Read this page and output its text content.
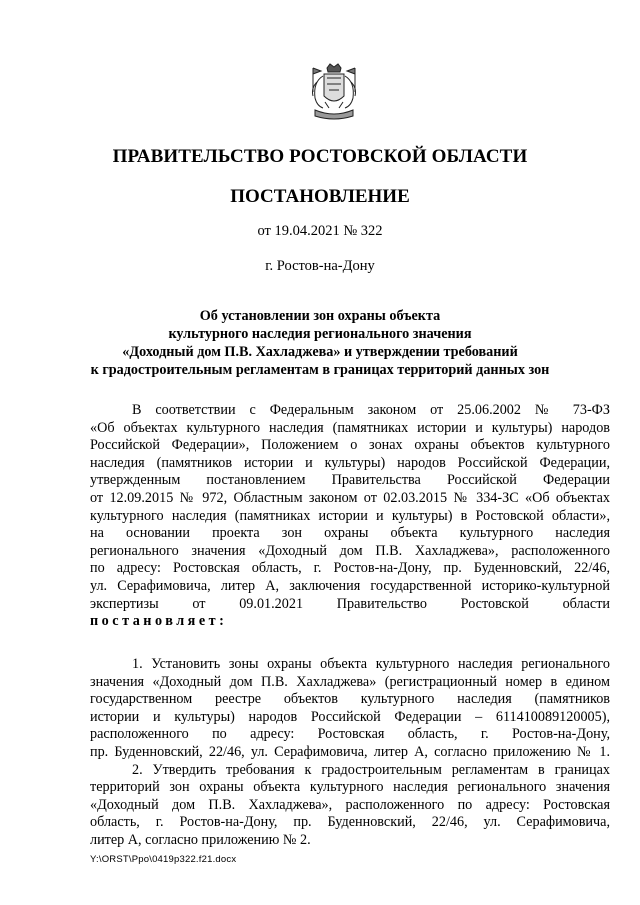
ПРАВИТЕЛЬСТВО РОСТОВСКОЙ ОБЛАСТИ
ПОСТАНОВЛЕНИЕ
от 19.04.2021 № 322
г. Ростов-на-Дону
Об установлении зон охраны объекта
культурного наследия регионального значения
«Доходный дом П.В. Хахладжева» и утверждении требований
к градостроительным регламентам в границах территорий данных зон
В соответствии с Федеральным законом от 25.06.2002 № 73-ФЗ
«Об объектах культурного наследия (памятниках истории и культуры) народов
Российской Федерации», Положением о зонах охраны объектов культурного
наследия (памятников истории и культуры) народов Российской Федерации,
утвержденным постановлением Правительства Российской Федерации
от 12.09.2015 № 972, Областным законом от 02.03.2015 № 334-ЗС «Об объектах
культурного наследия (памятниках истории и культуры) в Ростовской области»,
на основании проекта зон охраны объекта культурного наследия
регионального значения «Доходный дом П.В. Хахладжева», расположенного
по адресу: Ростовская область, г. Ростов-на-Дону, пр. Буденновский, 22/46,
ул. Серафимовича, литер А, заключения государственной историко-культурной
экспертизы от 09.01.2021 Правительство Ростовской области
постановляет:
1. Установить зоны охраны объекта культурного наследия регионального
значения «Доходный дом П.В. Хахладжева» (регистрационный номер в едином
государственном реестре объектов культурного наследия (памятников
истории и культуры) народов Российской Федерации – 611410089120005),
расположенного по адресу: Ростовская область, г. Ростов-на-Дону,
пр. Буденновский, 22/46, ул. Серафимовича, литер А, согласно приложению № 1.
2. Утвердить требования к градостроительным регламентам в границах
территорий зон охраны объекта культурного наследия регионального значения
«Доходный дом П.В. Хахладжева», расположенного по адресу: Ростовская
область, г. Ростов-на-Дону, пр. Буденновский, 22/46, ул. Серафимовича,
литер А, согласно приложению № 2.
Y:\ORST\Ppo\0419p322.f21.docx
